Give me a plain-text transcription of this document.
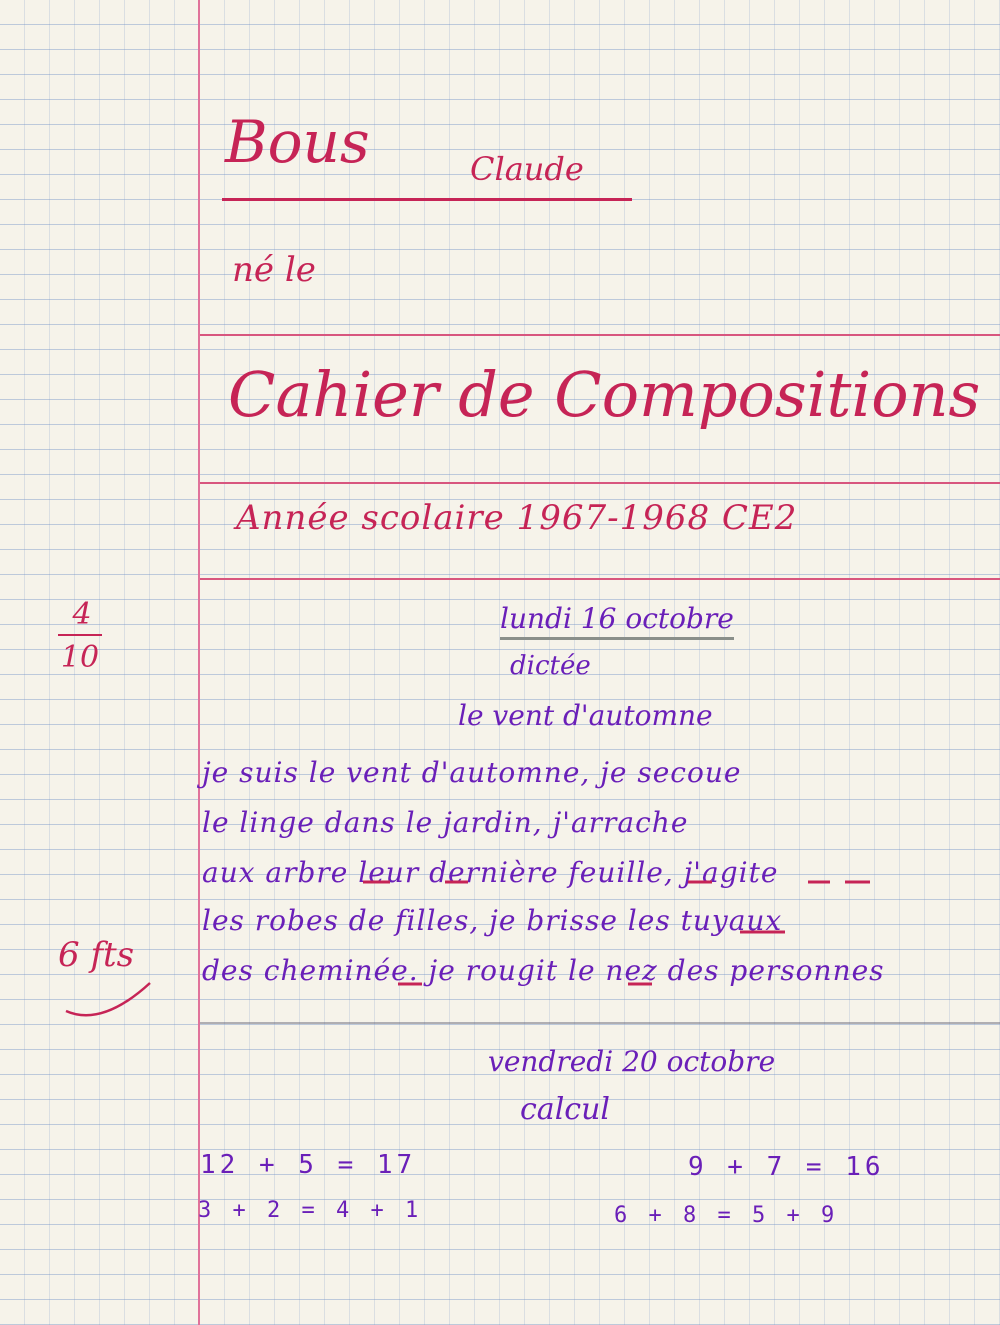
Bous	Claude
né le
Cahier de Compositions
Année scolaire 1967-1968 CE2
4
10
6 fts
lundi 16 octobre
dictée
le vent d'automne
je suis le vent d'automne, je secoue
le linge dans le jardin, j'arrache
aux arbre leur dernière feuille, j'agite
les robes de filles, je brisse les tuyaux
des cheminée. je rougit le nez des personnes
vendredi 20 octobre
calcul
12 + 5 = 17	9 + 7 = 16
3 + 2 = 4 + 1	6 + 8 = 5 + 9
